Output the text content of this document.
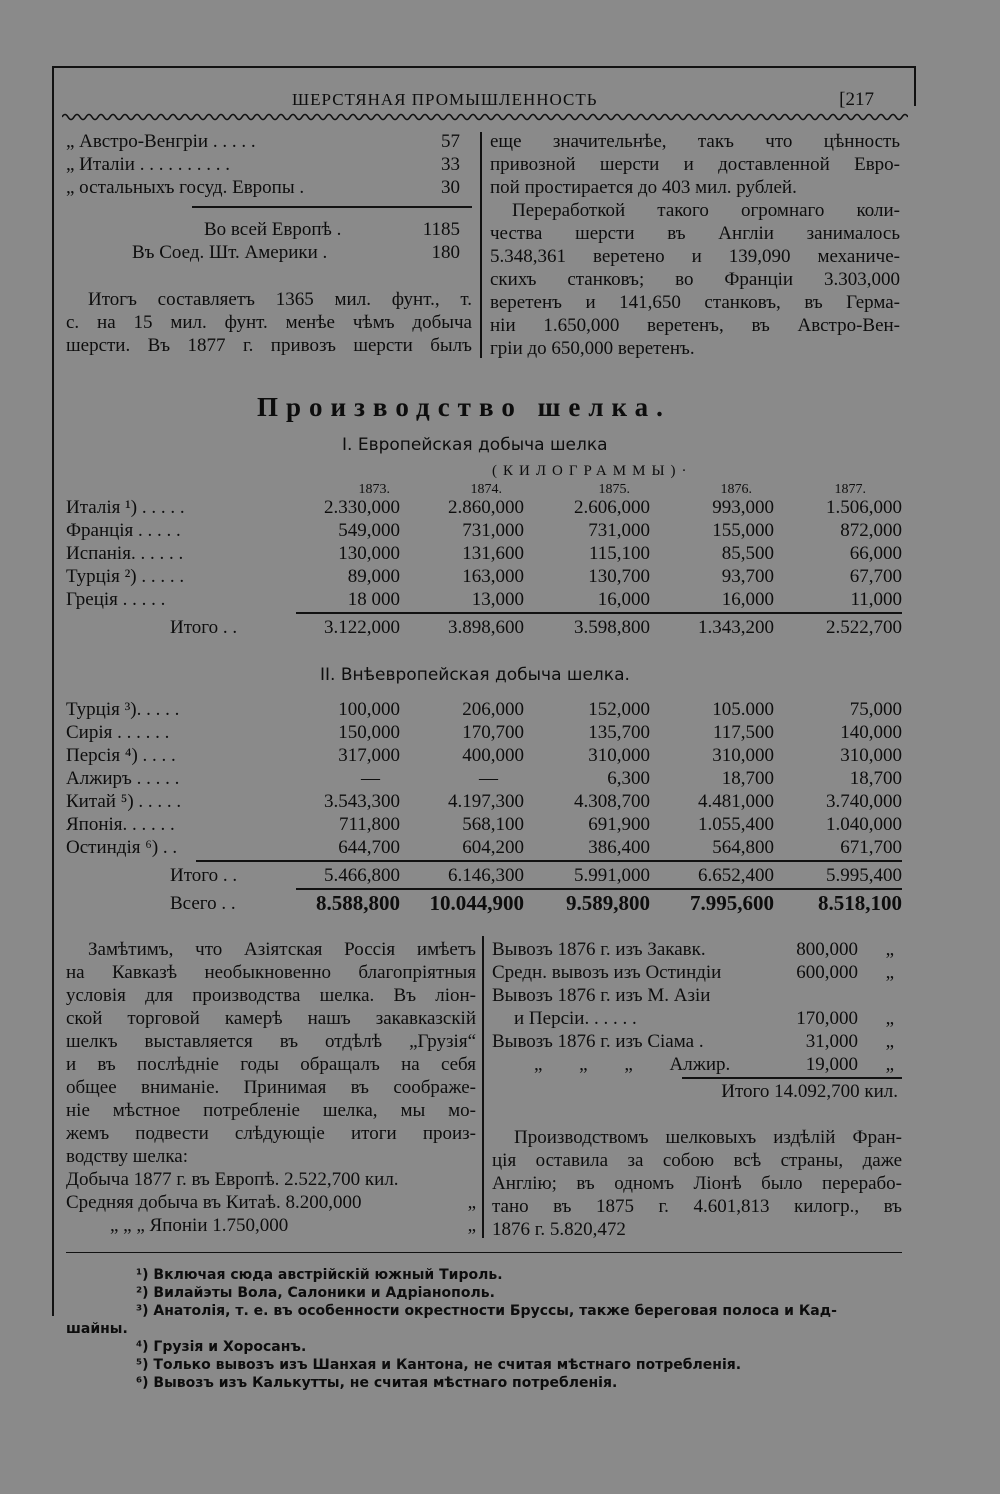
ШЕРСТЯНАЯ ПРОМЫШЛЕННОСТЬ	[217
„ Австро-Венгріи . . . . .	57
„ Италіи . . . . . . . . . .	33
„ остальныхъ госуд. Европы .	30
Во всей Европѣ .	1185
Въ Соед. Шт. Америки .	180
Итогъ составляетъ 1365 мил. фунт., т.
с. на 15 мил. фунт. менѣе чѣмъ добыча
шерсти. Въ 1877 г. привозъ шерсти былъ
еще значительнѣе, такъ что цѣнность
привозной шерсти и доставленной Евро-
пой простирается до 403 мил. рублей.
Переработкой такого огромнаго коли-
чества шерсти въ Англіи занималось
5.348,361 веретено и 139,090 механиче-
скихъ станковъ; во Франціи 3.303,000
веретенъ и 141,650 станковъ, въ Герма-
ніи 1.650,000 веретенъ, въ Австро-Вен-
гріи до 650,000 веретенъ.
Производство шелка.
I. Европейская добыча шелка
(КИЛОГРАММЫ)·
1873.	1874.	1875.	1876.	1877.
Италія ¹) . . . . .	2.330,000	2.860,000	2.606,000	993,000	1.506,000
Франція . . . . .	549,000	731,000	731,000	155,000	872,000
Испанія. . . . . .	130,000	131,600	115,100	85,500	66,000
Турція ²) . . . . .	89,000	163,000	130,700	93,700	67,700
Греція . . . . .	18 000	13,000	16,000	16,000	11,000
Итого . .	3.122,000	3.898,600	3.598,800	1.343,200	2.522,700
II. Внѣевропейская добыча шелка.
Турція ³). . . . .	100,000	206,000	152,000	105.000	75,000
Сирія . . . . . .	150,000	170,700	135,700	117,500	140,000
Персія ⁴) . . . .	317,000	400,000	310,000	310,000	310,000
Алжиръ . . . . .	—	—	6,300	18,700	18,700
Китай ⁵) . . . . .	3.543,300	4.197,300	4.308,700	4.481,000	3.740,000
Японія. . . . . .	711,800	568,100	691,900	1.055,400	1.040,000
Остиндія ⁶) . .	644,700	604,200	386,400	564,800	671,700
Итого . .	5.466,800	6.146,300	5.991,000	6.652,400	5.995,400
Всего . .	8.588,800 10.044,900 9.589,800 7.995,600 8.518,100
Замѣтимъ, что Азіятская Россія имѣетъ
на Кавказѣ необыкновенно благопріятныя
условія для производства шелка. Въ ліон-
ской торговой камерѣ нашъ закавказскій
шелкъ выставляется въ отдѣлѣ „Грузія“
и въ послѣдніе годы обращалъ на себя
общее вниманіе. Принимая въ соображе-
ніе мѣстное потребленіе шелка, мы мо-
жемъ подвести слѣдующіе итоги произ-
водству шелка:
Добыча 1877 г. въ Европѣ. 2.522,700 кил.
Средняя добыча въ Китаѣ. 8.200,000	„
„ „ „ Японіи 1.750,000	„
Вывозъ 1876 г. изъ Закавк.	800,000 „
Средн. вывозъ изъ Остиндіи	600,000 „
Вывозъ 1876 г. изъ М. Азіи
и Персіи. . . . . .	170,000 „
Вывозъ 1876 г. изъ Сіама .	31,000 „
„ „ „ Алжир.	19,000 „
Итого 14.092,700 кил.
Производствомъ шелковыхъ издѣлій Фран-
ція оставила за собою всѣ страны, даже
Англію; въ одномъ Ліонѣ было перерабо-
тано въ 1875 г. 4.601,813 килогр., въ
1876 г. 5.820,472
¹) Включая сюда австрійскій южный Тироль.
²) Вилайэты Вола, Салоники и Адріанополь.
³) Анатолія, т. е. въ особенности окрестности Бруссы, также береговая полоса и Кад-
шайны.
⁴) Грузія и Хоросанъ.
⁵) Только вывозъ изъ Шанхая и Кантона, не считая мѣстнаго потребленія.
⁶) Вывозъ изъ Калькутты, не считая мѣстнаго потребленія.
